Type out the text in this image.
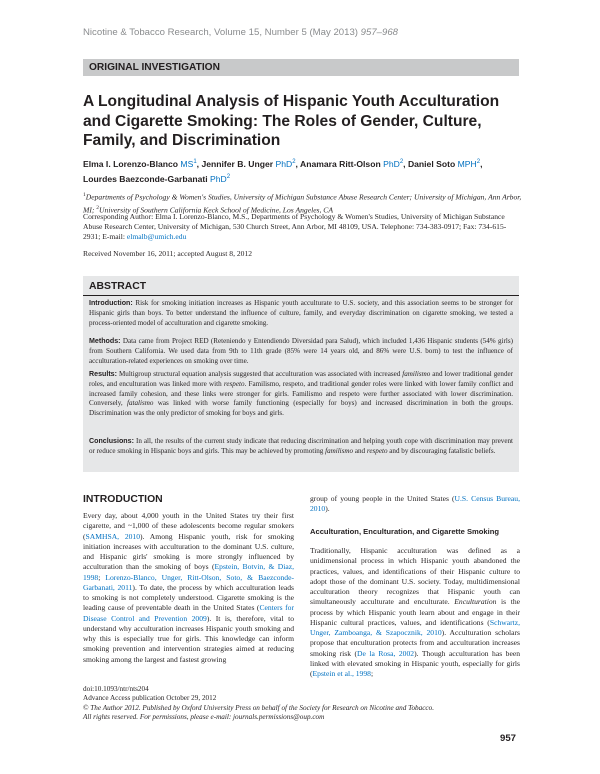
Nicotine & Tobacco Research, Volume 15, Number 5 (May 2013) 957–968
ORIGINAL INVESTIGATION
A Longitudinal Analysis of Hispanic Youth Acculturation and Cigarette Smoking: The Roles of Gender, Culture, Family, and Discrimination
Elma I. Lorenzo-Blanco $MS^1$, Jennifer B. Unger PhD$^2$, Anamara Ritt-Olson PhD$^2$, Daniel Soto MPH$^2$,
Lourdes Baezconde-Garbanati PhD$^2$
$^1$Departments of Psychology & Women's Studies, University of Michigan Substance Abuse Research Center; University of Michigan, Ann Arbor, MI; $^2$University of Southern California Keck School of Medicine, Los Angeles, CA
Corresponding Author: Elma I. Lorenzo-Blanco, M.S., Departments of Psychology & Women's Studies, University of Michigan Substance Abuse Research Center, University of Michigan, 530 Church Street, Ann Arbor, MI 48109, USA. Telephone: 734-383-0917; Fax: 734-615-2931; E-mail: elmalb@umich.edu
Received November 16, 2011; accepted August 8, 2012
ABSTRACT
Introduction: Risk for smoking initiation increases as Hispanic youth acculturate to U.S. society, and this association seems to be stronger for Hispanic girls than boys. To better understand the influence of culture, family, and everyday discrimination on cigarette smoking, we tested a process-oriented model of acculturation and cigarette smoking.
Methods: Data came from Project RED (Reteniendo y Entendiendo Diversidad para Salud), which included 1,436 Hispanic students (54% girls) from Southern California. We used data from 9th to 11th grade (85% were 14 years old, and 86% were U.S. born) to test the influence of acculturation-related experiences on smoking over time.
Results: Multigroup structural equation analysis suggested that acculturation was associated with increased familismo and lower traditional gender roles, and enculturation was linked more with respeto. Familismo, respeto, and traditional gender roles were linked with lower family conflict and increased family cohesion, and these links were stronger for girls. Familismo and respeto were further associated with lower discrimination. Conversely, fatalismo was linked with worse family functioning (especially for boys) and increased discrimination in both the groups. Discrimination was the only predictor of smoking for boys and girls.
Conclusions: In all, the results of the current study indicate that reducing discrimination and helping youth cope with discrimination may prevent or reduce smoking in Hispanic boys and girls. This may be achieved by promoting familismo and respeto and by discouraging fatalistic beliefs.
INTRODUCTION
Every day, about 4,000 youth in the United States try their first cigarette, and ~1,000 of these adolescents become regular smokers (SAMHSA, 2010). Among Hispanic youth, risk for smoking initiation increases with acculturation to the dominant U.S. culture, and Hispanic girls' smoking is more strongly influenced by acculturation than the smoking of boys (Epstein, Botvin, & Diaz, 1998; Lorenzo-Blanco, Unger, Ritt-Olson, Soto, & Baezconde-Garbanati, 2011). To date, the process by which acculturation leads to smoking is not completely understood. Cigarette smoking is the leading cause of preventable death in the United States (Centers for Disease Control and Prevention 2009). It is, therefore, vital to understand why acculturation increases Hispanic youth smoking and why this is especially true for girls. This knowledge can inform smoking prevention and intervention strategies aimed at reducing smoking among the largest and fastest growing
group of young people in the United States (U.S. Census Bureau, 2010).
Acculturation, Enculturation, and Cigarette Smoking
Traditionally, Hispanic acculturation was defined as a unidimensional process in which Hispanic youth abandoned the practices, values, and identifications of their Hispanic culture to adopt those of the dominant U.S. society. Today, multidimensional acculturation theory recognizes that Hispanic youth can simultaneously acculturate and enculturate. Enculturation is the process by which Hispanic youth learn about and engage in their Hispanic cultural practices, values, and identifications (Schwartz, Unger, Zamboanga, & Szapocznik, 2010). Acculturation scholars propose that enculturation protects from and acculturation increases smoking risk (De la Rosa, 2002). Though acculturation has been linked with elevated smoking in Hispanic youth, especially for girls (Epstein et al., 1998;
doi:10.1093/ntr/nts204
Advance Access publication October 29, 2012
© The Author 2012. Published by Oxford University Press on behalf of the Society for Research on Nicotine and Tobacco.
All rights reserved. For permissions, please e-mail: journals.permissions@oup.com
957
